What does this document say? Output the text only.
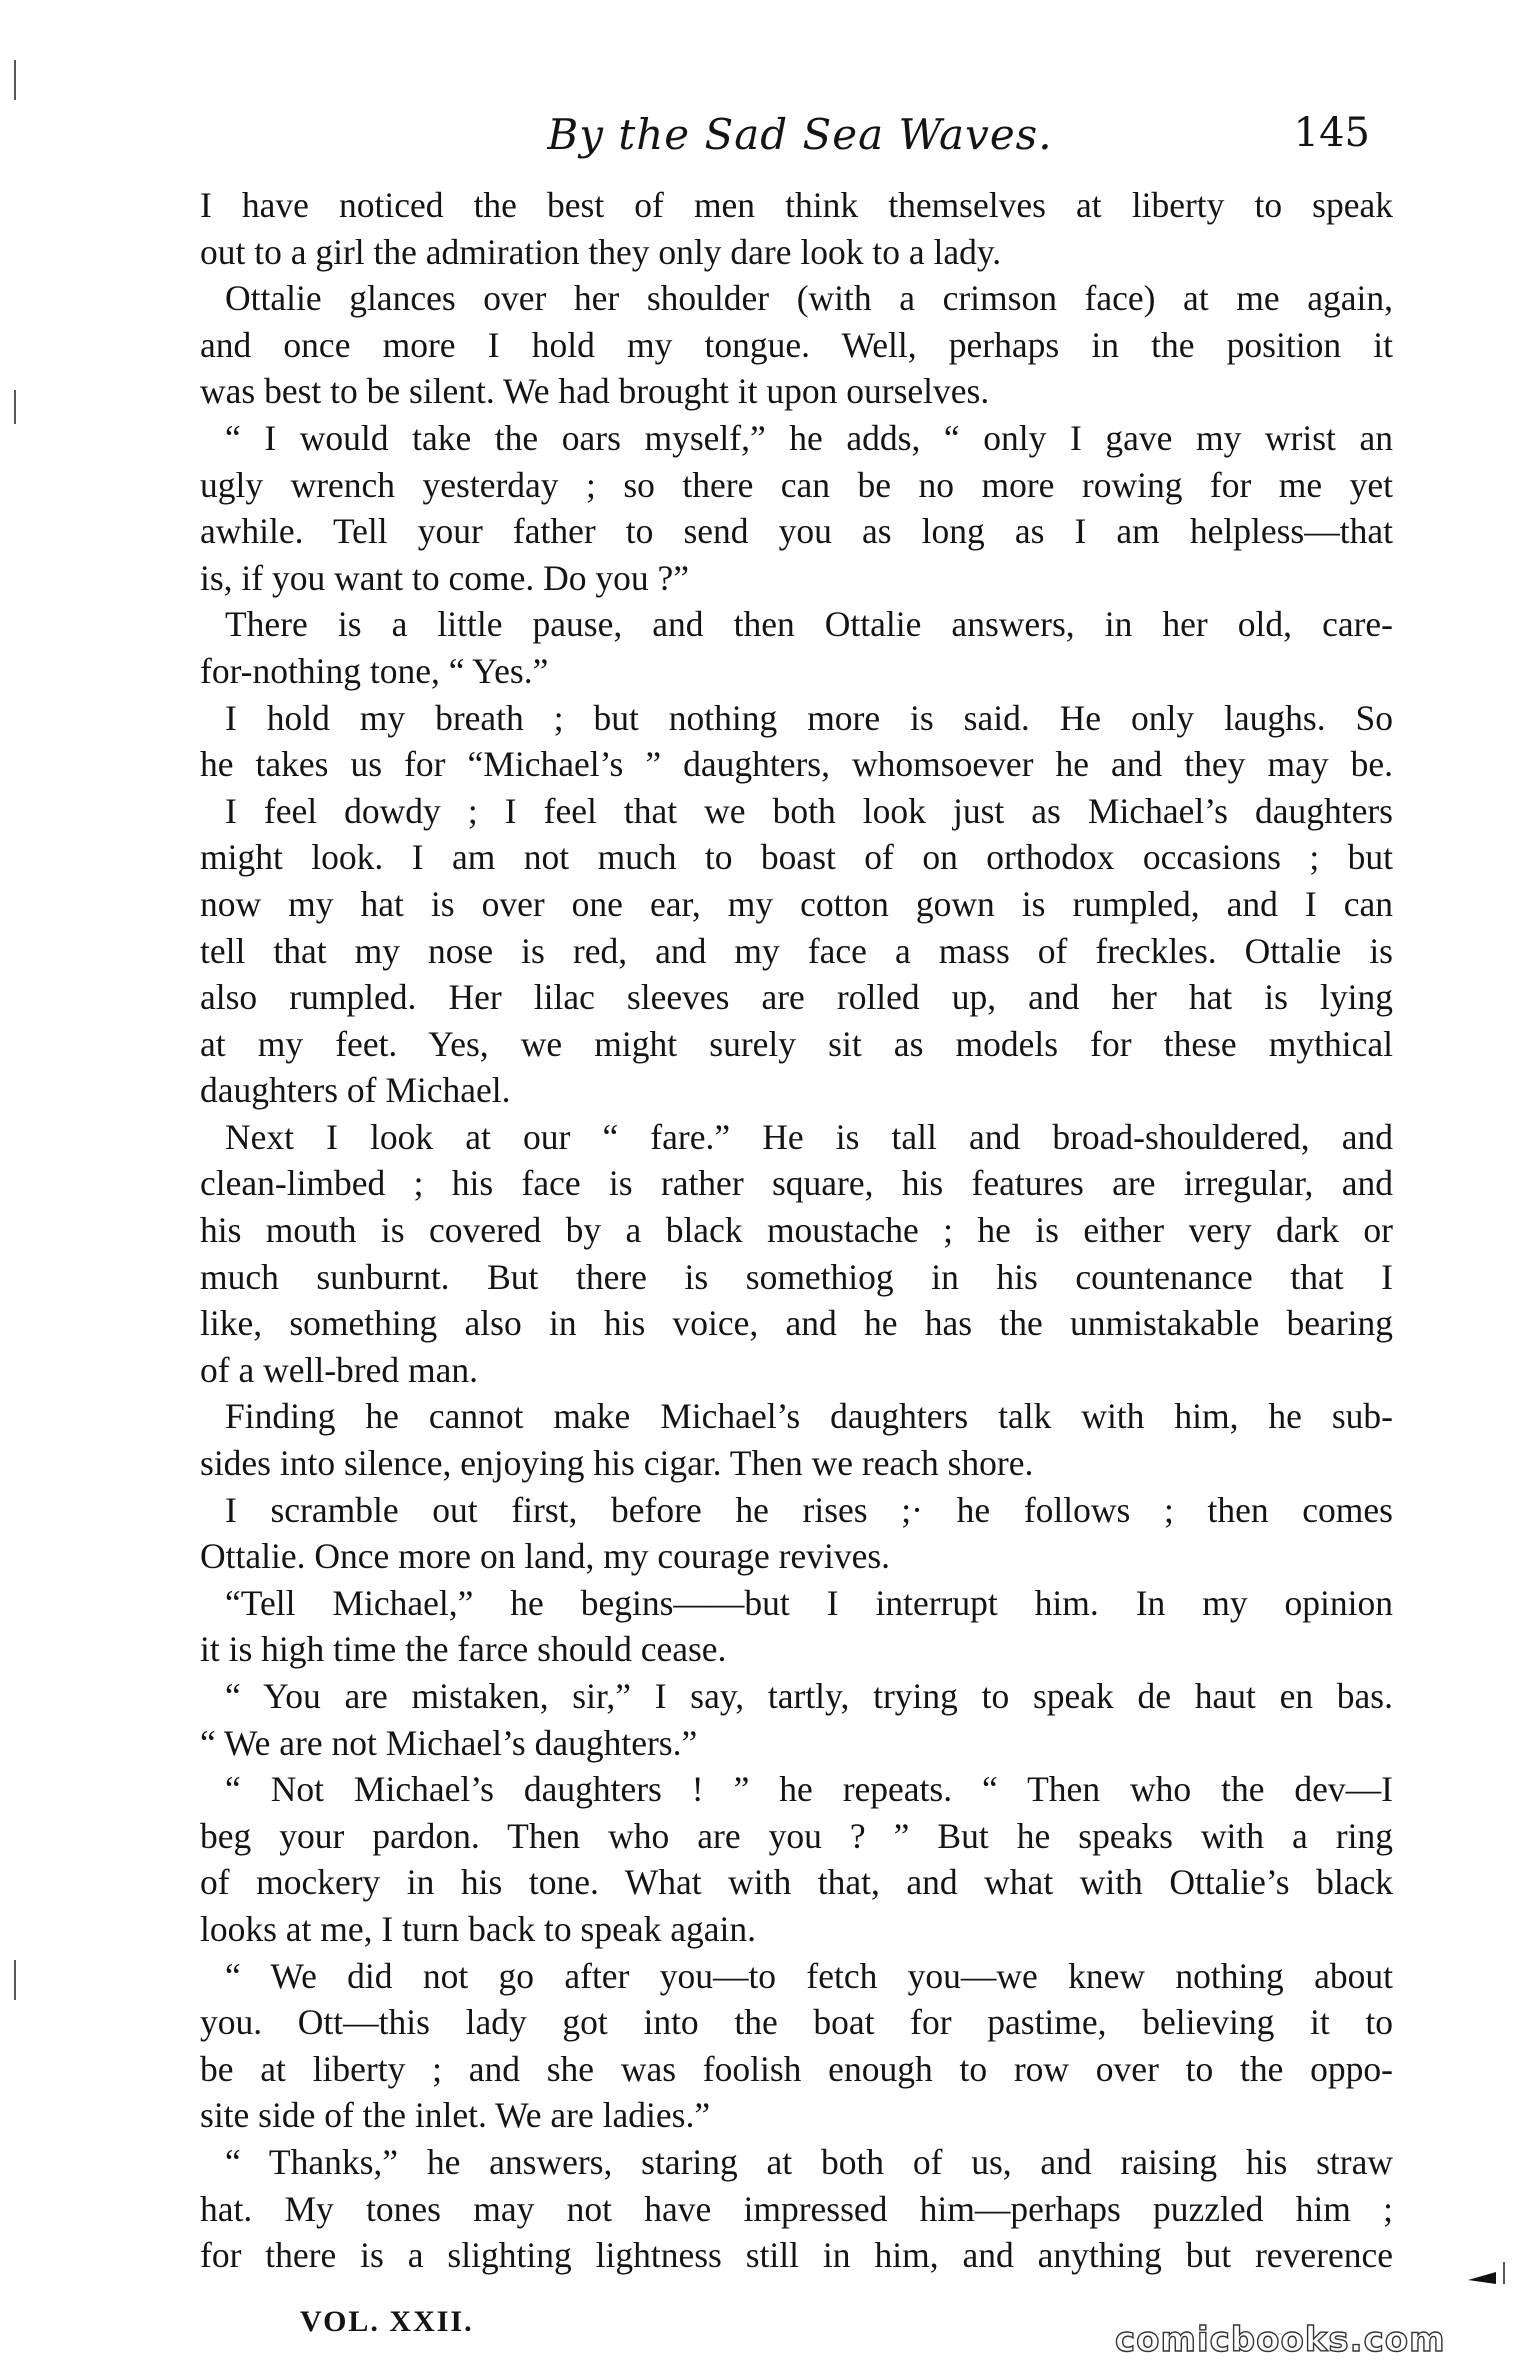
By the Sad Sea Waves.	145
I have noticed the best of men think themselves at liberty to speak
out to a girl the admiration they only dare look to a lady.
Ottalie glances over her shoulder (with a crimson face) at me again,
and once more I hold my tongue. Well, perhaps in the position it
was best to be silent. We had brought it upon ourselves.
“ I would take the oars myself,” he adds, “ only I gave my wrist an
ugly wrench yesterday ; so there can be no more rowing for me yet
awhile. Tell your father to send you as long as I am helpless—that
is, if you want to come. Do you ?”
There is a little pause, and then Ottalie answers, in her old, care-
for-nothing tone, “ Yes.”
I hold my breath ; but nothing more is said. He only laughs. So
he takes us for “Michael’s ” daughters, whomsoever he and they may be.
I feel dowdy ; I feel that we both look just as Michael’s daughters
might look. I am not much to boast of on orthodox occasions ; but
now my hat is over one ear, my cotton gown is rumpled, and I can
tell that my nose is red, and my face a mass of freckles. Ottalie is
also rumpled. Her lilac sleeves are rolled up, and her hat is lying
at my feet. Yes, we might surely sit as models for these mythical
daughters of Michael.
Next I look at our “ fare.” He is tall and broad-shouldered, and
clean-limbed ; his face is rather square, his features are irregular, and
his mouth is covered by a black moustache ; he is either very dark or
much sunburnt. But there is somethiog in his countenance that I
like, something also in his voice, and he has the unmistakable bearing
of a well-bred man.
Finding he cannot make Michael’s daughters talk with him, he sub-
sides into silence, enjoying his cigar. Then we reach shore.
I scramble out first, before he rises ;· he follows ; then comes
Ottalie. Once more on land, my courage revives.
“Tell Michael,” he begins——but I interrupt him. In my opinion
it is high time the farce should cease.
“ You are mistaken, sir,” I say, tartly, trying to speak de haut en bas.
“ We are not Michael’s daughters.”
“ Not Michael’s daughters ! ” he repeats. “ Then who the dev—I
beg your pardon. Then who are you ? ” But he speaks with a ring
of mockery in his tone. What with that, and what with Ottalie’s black
looks at me, I turn back to speak again.
“ We did not go after you—to fetch you—we knew nothing about
you. Ott—this lady got into the boat for pastime, believing it to
be at liberty ; and she was foolish enough to row over to the oppo-
site side of the inlet. We are ladies.”
“ Thanks,” he answers, staring at both of us, and raising his straw
hat. My tones may not have impressed him—perhaps puzzled him ;
for there is a slighting lightness still in him, and anything but reverence
VOL. XXII.	comicbooks.com
